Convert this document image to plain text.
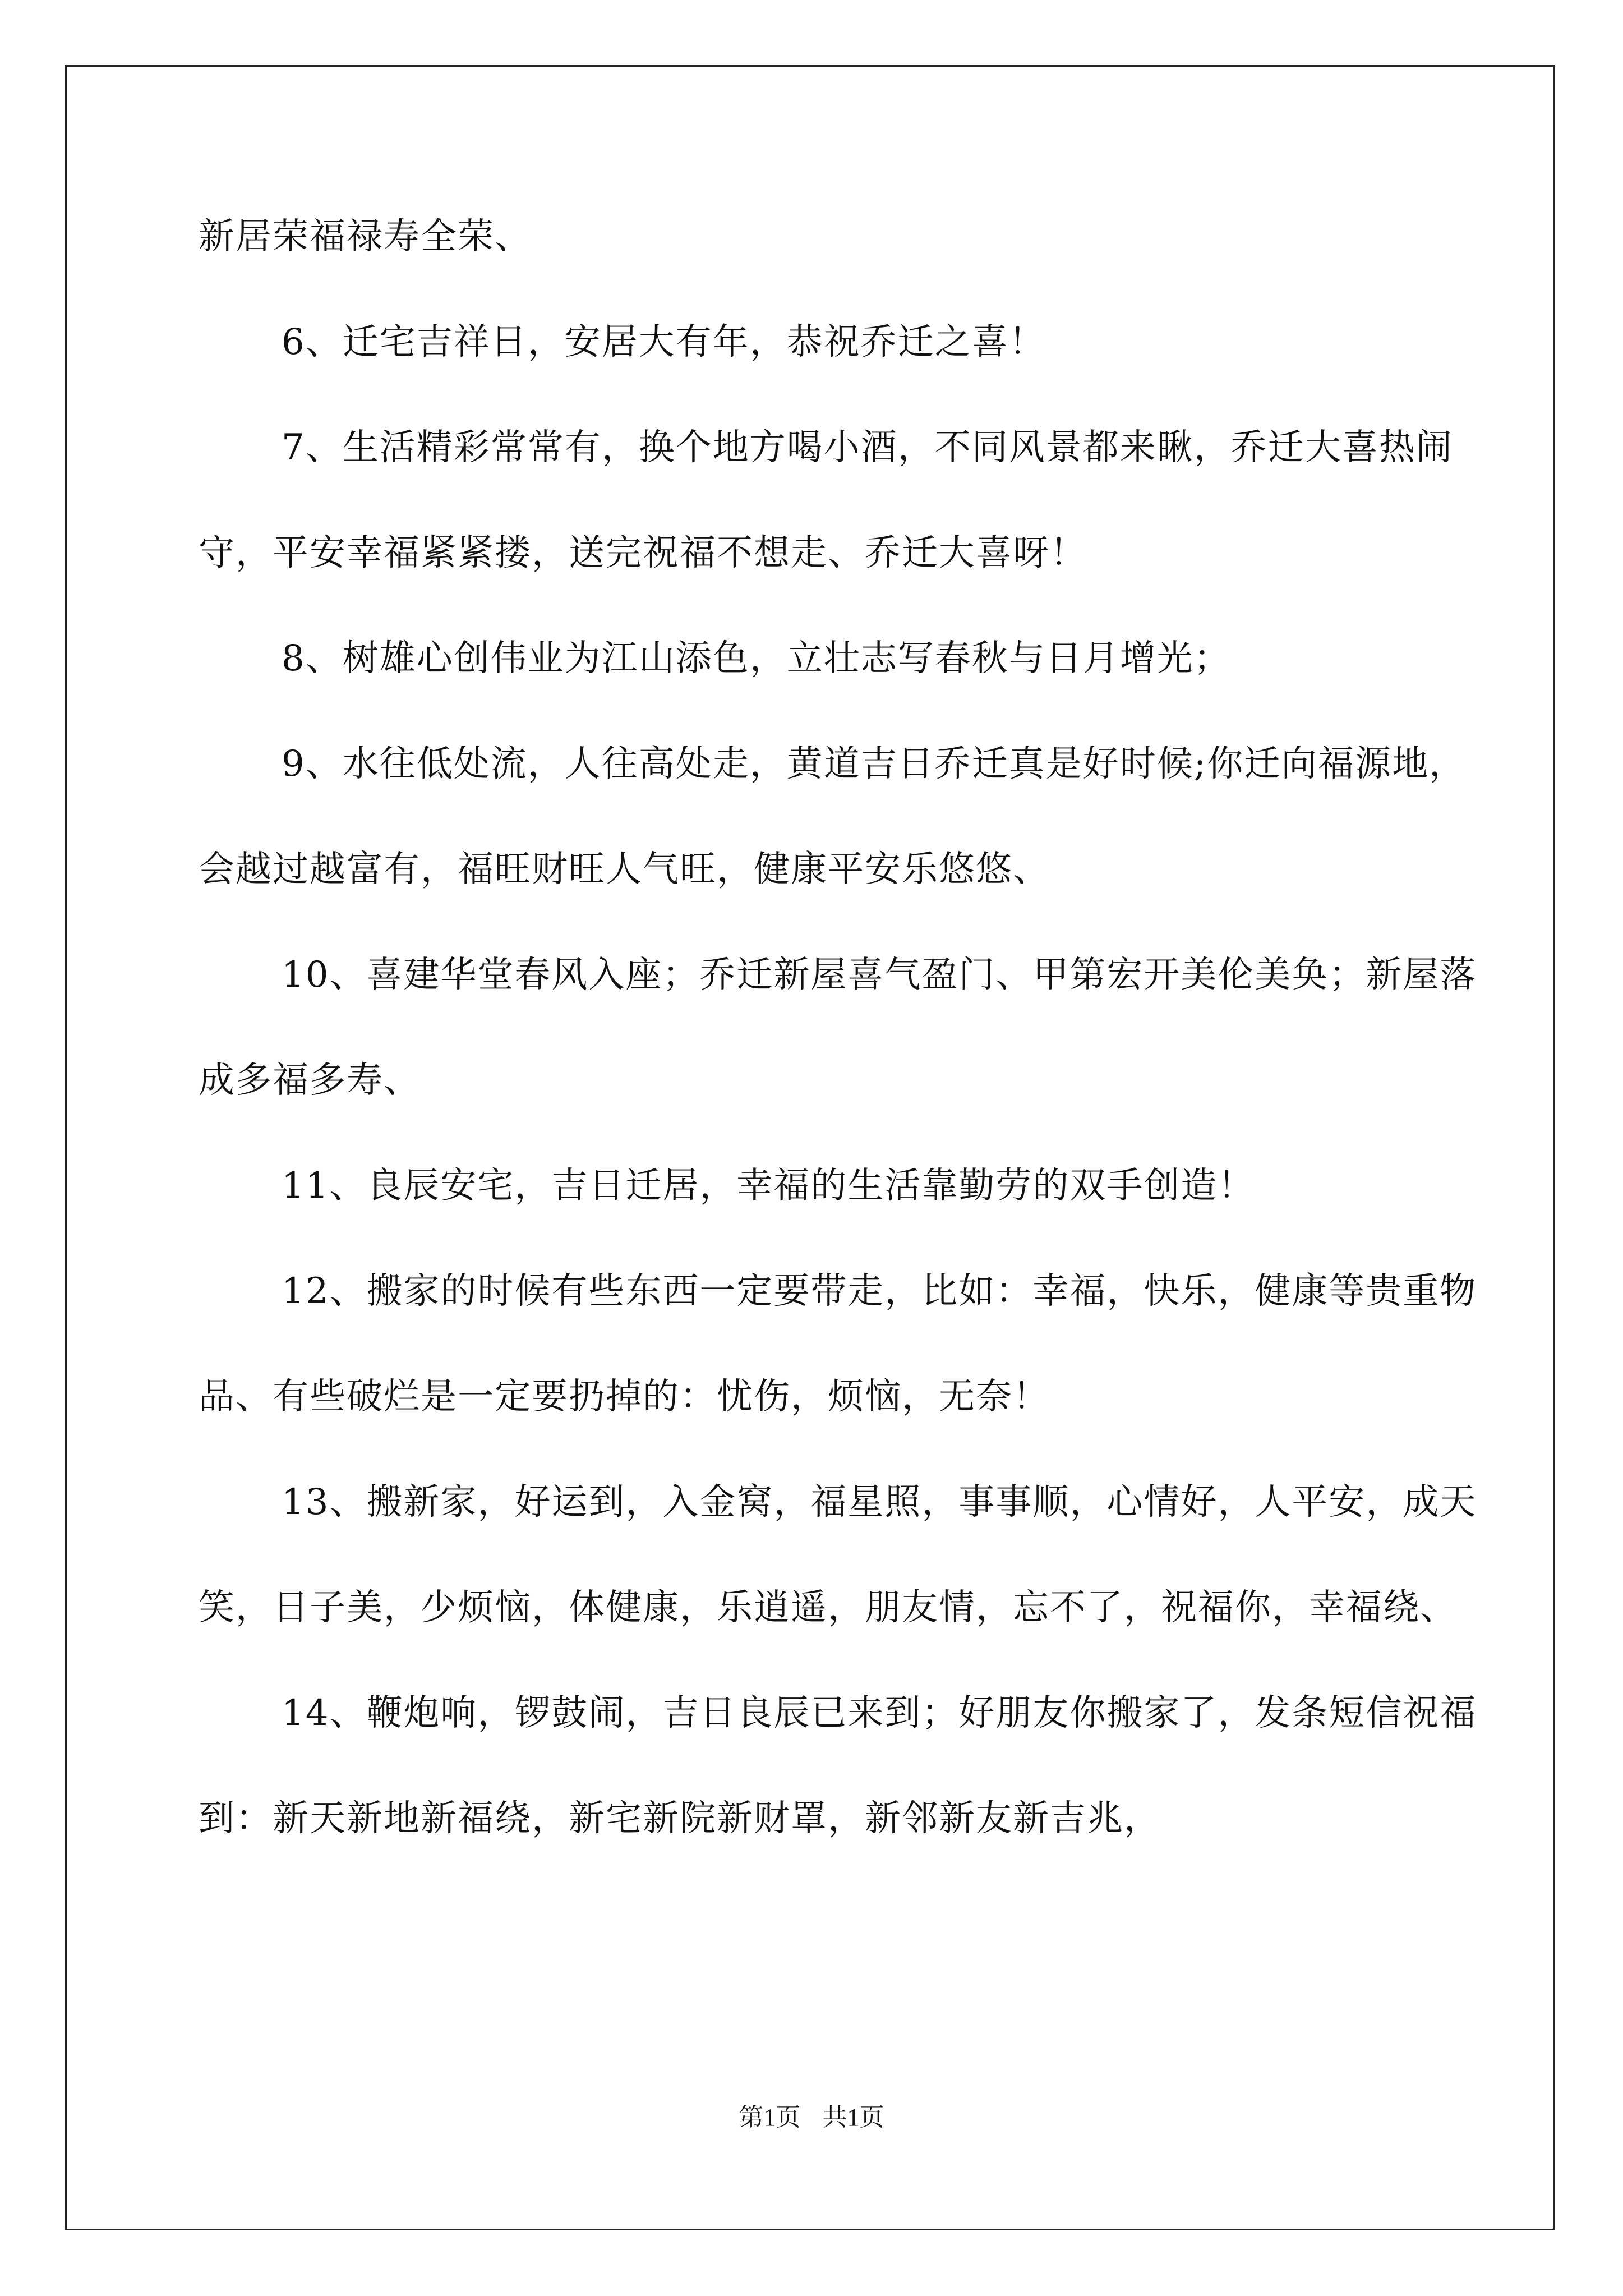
新居荣福禄寿全荣、

6、迁宅吉祥日，安居大有年，恭祝乔迁之喜！

7、生活精彩常常有，换个地方喝小酒，不同风景都来瞅，乔迁大喜热闹守，平安幸福紧紧搂，送完祝福不想走、乔迁大喜呀！

8、树雄心创伟业为江山添色，立壮志写春秋与日月增光；

9、水往低处流，人往高处走，黄道吉日乔迁真是好时候;你迁向福源地，会越过越富有，福旺财旺人气旺，健康平安乐悠悠、

10、喜建华堂春风入座；乔迁新屋喜气盈门、甲第宏开美伦美奂；新屋落成多福多寿、

11、良辰安宅，吉日迁居，幸福的生活靠勤劳的双手创造！

12、搬家的时候有些东西一定要带走，比如：幸福，快乐，健康等贵重物品、有些破烂是一定要扔掉的：忧伤，烦恼，无奈！

13、搬新家，好运到，入金窝，福星照，事事顺，心情好，人平安，成天笑，日子美，少烦恼，体健康，乐逍遥，朋友情，忘不了，祝福你，幸福绕、

14、鞭炮响，锣鼓闹，吉日良辰已来到；好朋友你搬家了，发条短信祝福到：新天新地新福绕，新宅新院新财罩，新邻新友新吉兆，

第1页 共1页
